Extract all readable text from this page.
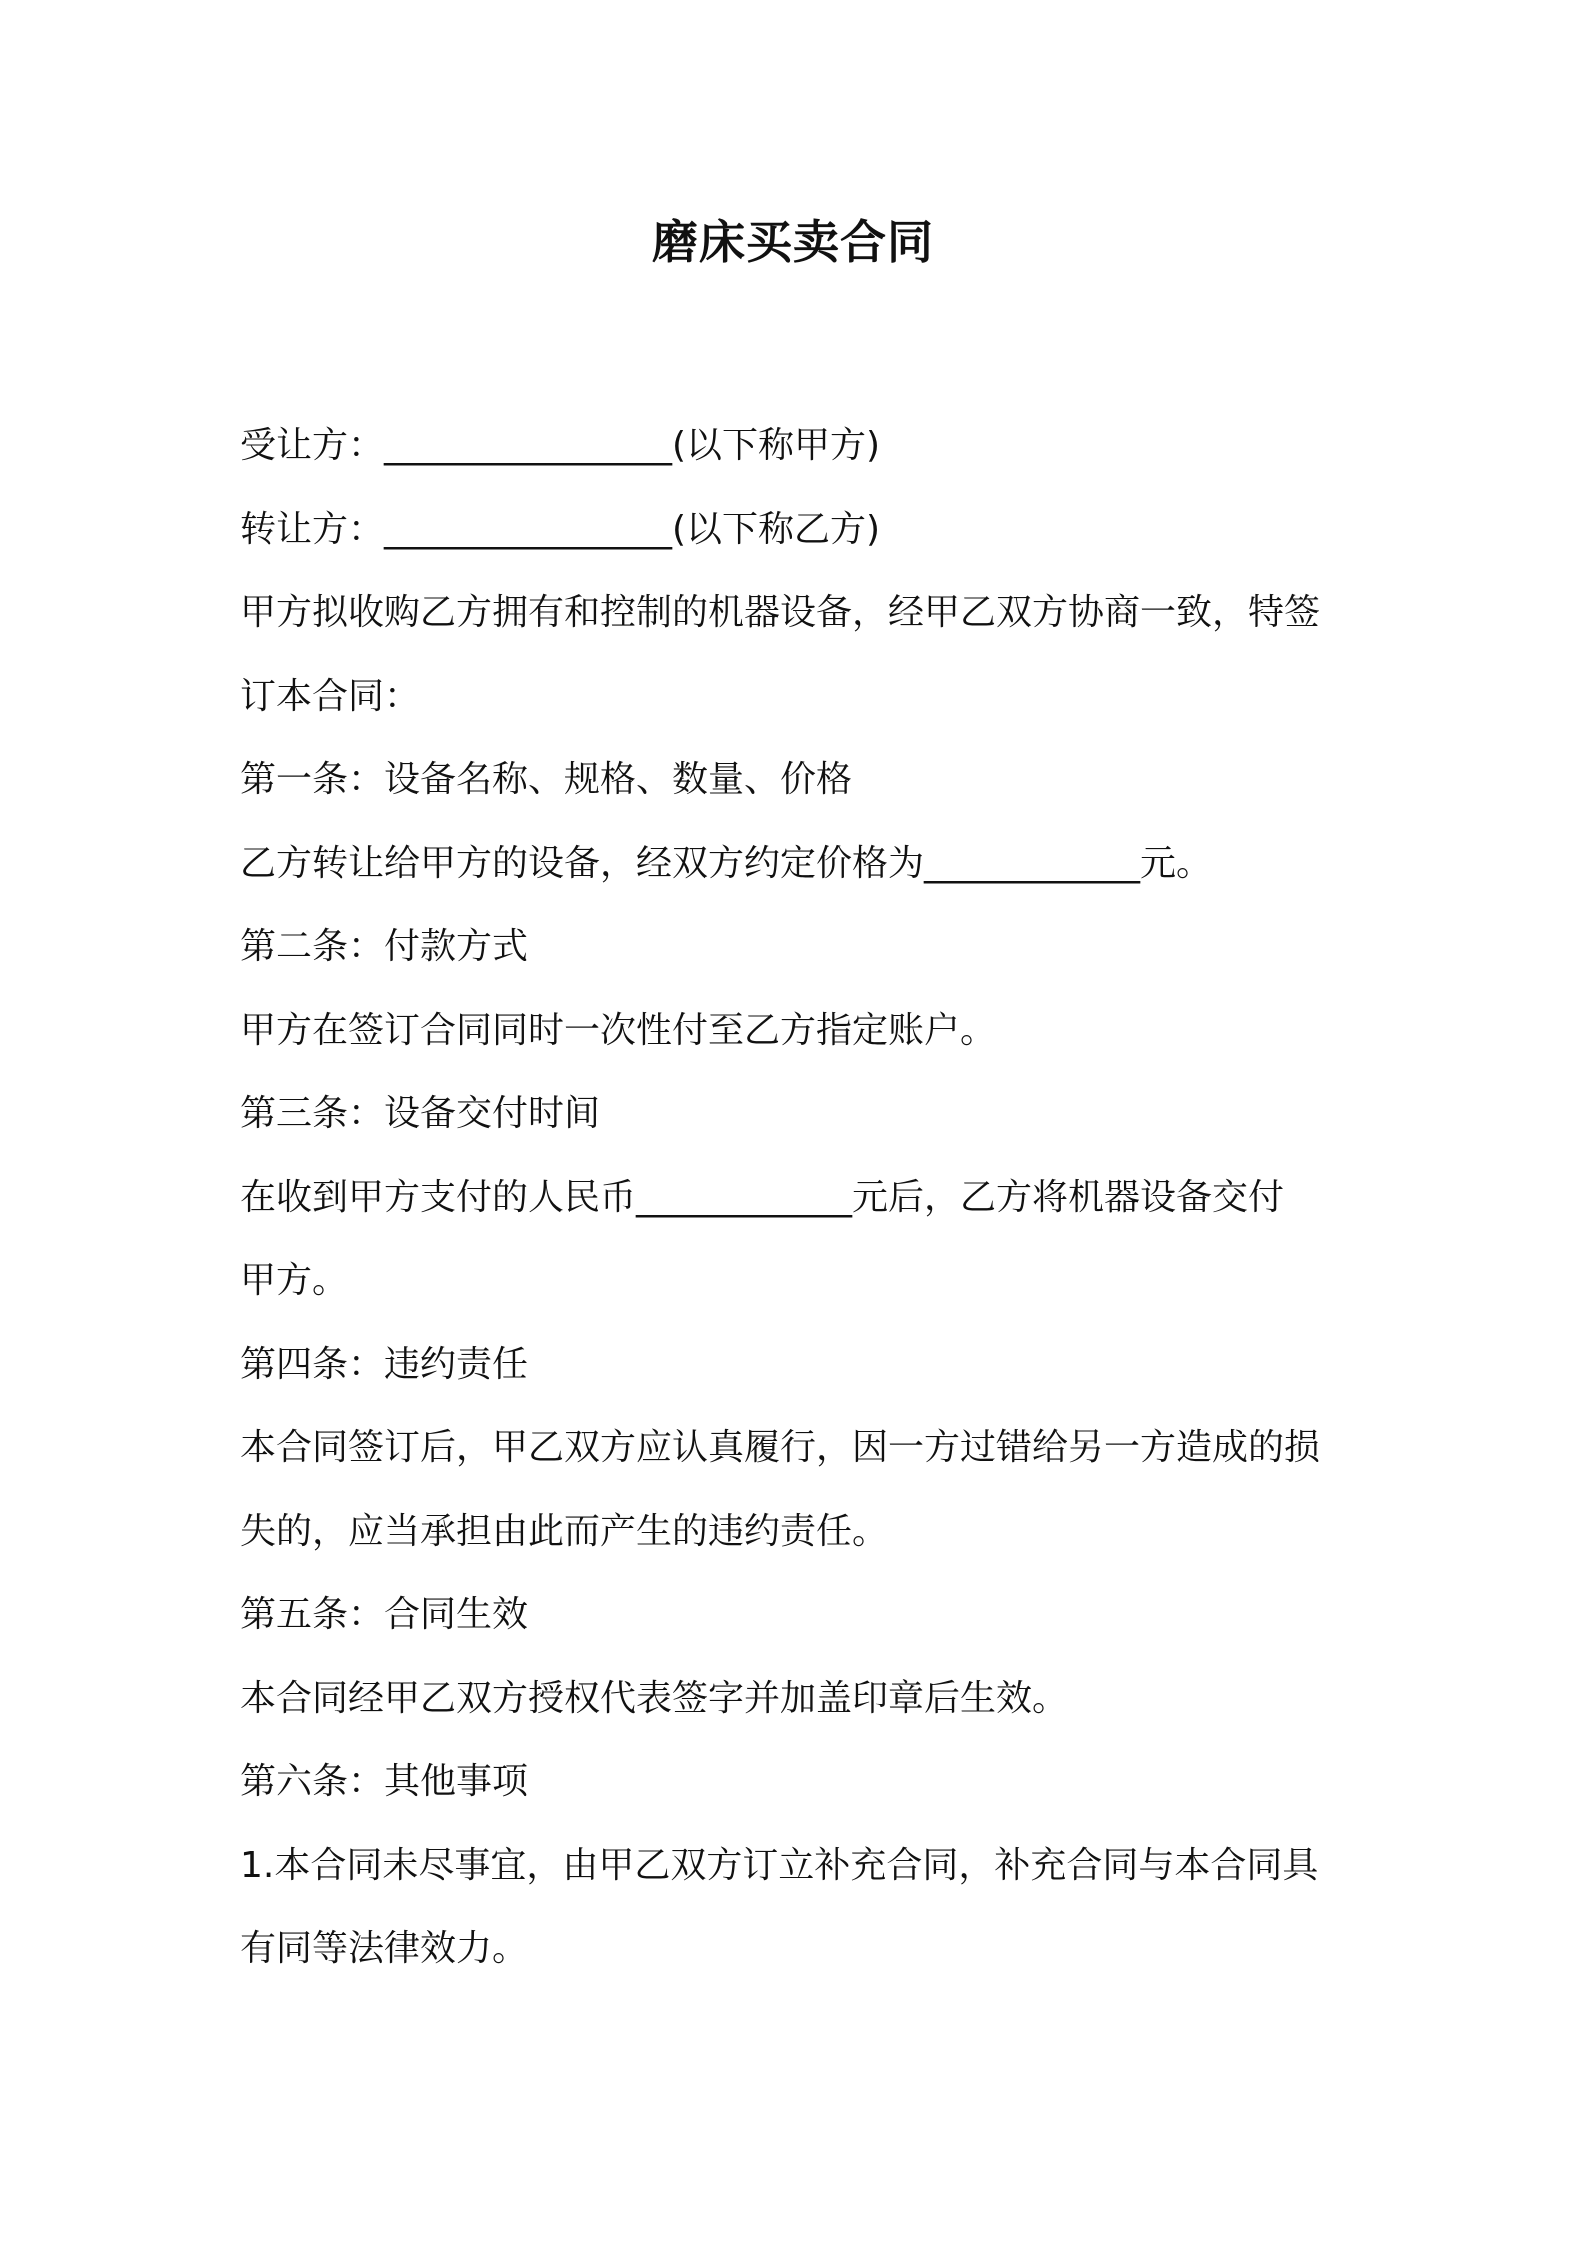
磨床买卖合同
受让方：________________(以下称甲方)
转让方：________________(以下称乙方)
甲方拟收购乙方拥有和控制的机器设备，经甲乙双方协商一致，特签
订本合同：
第一条：设备名称、规格、数量、价格
乙方转让给甲方的设备，经双方约定价格为____________元。
第二条：付款方式
甲方在签订合同同时一次性付至乙方指定账户。
第三条：设备交付时间
在收到甲方支付的人民币____________元后，乙方将机器设备交付
甲方。
第四条：违约责任
本合同签订后，甲乙双方应认真履行，因一方过错给另一方造成的损
失的，应当承担由此而产生的违约责任。
第五条：合同生效
本合同经甲乙双方授权代表签字并加盖印章后生效。
第六条：其他事项
1.本合同未尽事宜，由甲乙双方订立补充合同，补充合同与本合同具
有同等法律效力。
